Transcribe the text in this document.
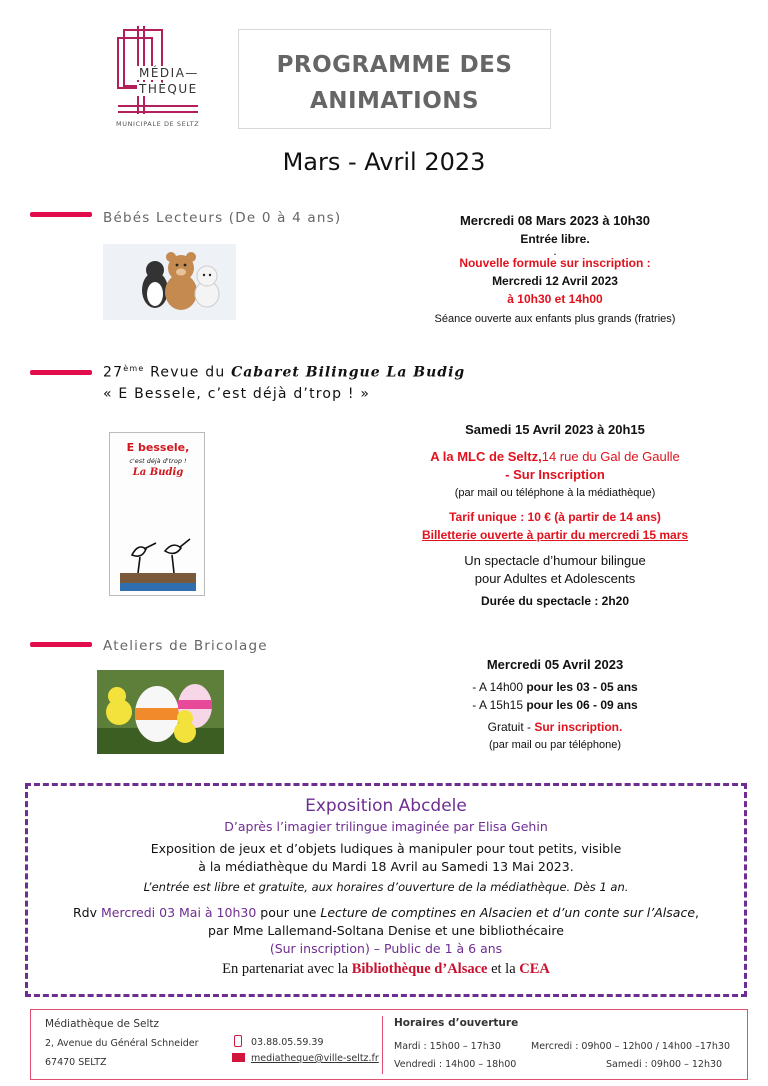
MÉDIA—
THÈQUE
MUNICIPALE DE SELTZ
PROGRAMME DES
ANIMATIONS
Mars - Avril 2023
Bébés Lecteurs (De 0 à 4 ans)	Mercredi 08 Mars 2023 à 10h30
Entrée libre.
.
Nouvelle formule sur inscription :
Mercredi 12 Avril 2023
à 10h30 et 14h00
Séance ouverte aux enfants plus grands (fratries)
27ème Revue du Cabaret Bilingue La Budig
« E Bessele, c’est déjà d’trop ! »
E bessele,
c'est déjà d'trop !
La Budig
Samedi 15 Avril 2023 à 20h15
A la MLC de Seltz,14 rue du Gal de Gaulle
- Sur Inscription
(par mail ou téléphone à la médiathèque)
Tarif unique : 10 € (à partir de 14 ans)
Billetterie ouverte à partir du mercredi 15 mars
Un spectacle d’humour bilingue
pour Adultes et Adolescents
Durée du spectacle : 2h20
Ateliers de Bricolage
Mercredi 05 Avril 2023
- A 14h00 pour les 03 - 05 ans
- A 15h15 pour les 06 - 09 ans
Gratuit - Sur inscription.
(par mail ou par téléphone)
Exposition Abcdele
D’après l’imagier trilingue imaginée par Elisa Gehin
Exposition de jeux et d’objets ludiques à manipuler pour tout petits, visible
à la médiathèque du Mardi 18 Avril au Samedi 13 Mai 2023.
L’entrée est libre et gratuite, aux horaires d’ouverture de la médiathèque. Dès 1 an.
Rdv Mercredi 03 Mai à 10h30 pour une Lecture de comptines en Alsacien et d’un conte sur l’Alsace,
par Mme Lallemand-Soltana Denise et une bibliothécaire
(Sur inscription) – Public de 1 à 6 ans
En partenariat avec la Bibliothèque d’Alsace et la CEA
Médiathèque de Seltz
2, Avenue du Général Schneider
67470 SELTZ
03.88.05.59.39
mediatheque@ville-seltz.fr
Horaires d’ouverture
Mardi : 15h00 – 17h30	Mercredi : 09h00 – 12h00 / 14h00 –17h30
Vendredi : 14h00 – 18h00	Samedi : 09h00 – 12h30
